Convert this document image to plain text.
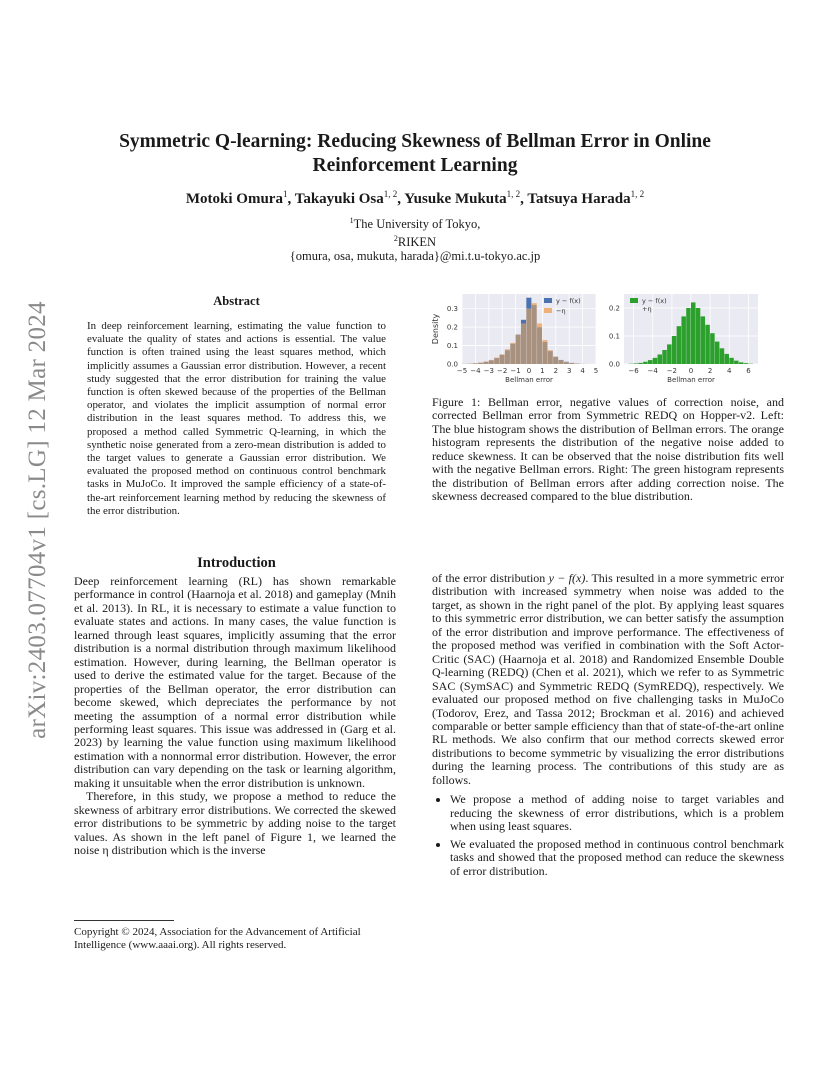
arXiv:2403.07704v1 [cs.LG] 12 Mar 2024
Symmetric Q-learning: Reducing Skewness of Bellman Error in Online Reinforcement Learning
Motoki Omura$^1$, Takayuki Osa$^{1, 2}$, Yusuke Mukuta$^{1, 2}$, Tatsuya Harada$^{1, 2}$
$^1$The University of Tokyo,
$^2$RIKEN
{omura, osa, mukuta, harada}@mi.t.u-tokyo.ac.jp
Abstract
In deep reinforcement learning, estimating the value function to evaluate the quality of states and actions is essential. The value function is often trained using the least squares method, which implicitly assumes a Gaussian error distribution. However, a recent study suggested that the error distribution for training the value function is often skewed because of the properties of the Bellman operator, and violates the implicit assumption of normal error distribution in the least squares method. To address this, we proposed a method called Symmetric Q-learning, in which the synthetic noise generated from a zero-mean distribution is added to the target values to generate a Gaussian error distribution. We evaluated the proposed method on continuous control benchmark tasks in MuJoCo. It improved the sample efficiency of a state-of-the-art reinforcement learning method by reducing the skewness of the error distribution.
Introduction

Deep reinforcement learning (RL) has shown remarkable performance in control (Haarnoja et al. 2018) and gameplay (Mnih et al. 2013). In RL, it is necessary to estimate a value function to evaluate states and actions. In many cases, the value function is learned through least squares, implicitly assuming that the error distribution is a normal distribution through maximum likelihood estimation. However, during learning, the Bellman operator is used to derive the estimated value for the target. Because of the properties of the Bellman operator, the error distribution can become skewed, which depreciates the performance by not meeting the assumption of a normal error distribution while performing least squares. This issue was addressed in (Garg et al. 2023) by learning the value function using maximum likelihood estimation with a nonnormal error distribution. However, the error distribution can vary depending on the task or learning algorithm, making it unsuitable when the error distribution is unknown.

Therefore, in this study, we propose a method to reduce the skewness of arbitrary error distributions. We corrected the skewed error distributions to be symmetric by adding noise to the target values. As shown in the left panel of Figure 1, we learned the noise η distribution which is the inverse

Copyright © 2024, Association for the Advancement of Artificial Intelligence (www.aaai.org). All rights reserved.
0.0
0.1
0.2
0.3
−5 −4 −3 −2 −1 0 1 2 3 4 5
y − f(x)
−η
Bellman error
Density
0.0
0.1
0.2
−6 −4 −2 0 2 4 6
y − f(x)
+η
Bellman error
Figure 1: Bellman error, negative values of correction noise, and corrected Bellman error from Symmetric REDQ on Hopper-v2. Left: The blue histogram shows the distribution of Bellman errors. The orange histogram represents the distribution of the negative noise added to reduce skewness. It can be observed that the noise distribution fits well with the negative Bellman errors. Right: The green histogram represents the distribution of Bellman errors after adding correction noise. The skewness decreased compared to the blue distribution.

of the error distribution y − f(x). This resulted in a more symmetric error distribution with increased symmetry when noise was added to the target, as shown in the right panel of the plot. By applying least squares to this symmetric error distribution, we can better satisfy the assumption of the error distribution and improve performance. The effectiveness of the proposed method was verified in combination with the Soft Actor-Critic (SAC) (Haarnoja et al. 2018) and Randomized Ensemble Double Q-learning (REDQ) (Chen et al. 2021), which we refer to as Symmetric SAC (SymSAC) and Symmetric REDQ (SymREDQ), respectively. We evaluated our proposed method on five challenging tasks in MuJoCo (Todorov, Erez, and Tassa 2012; Brockman et al. 2016) and achieved comparable or better sample efficiency than that of state-of-the-art online RL methods. We also confirm that our method corrects skewed error distributions to become symmetric by visualizing the error distributions during the learning process. The contributions of this study are as follows.

• We propose a method of adding noise to target variables and reducing the skewness of error distributions, which is a problem when using least squares.
• We evaluated the proposed method in continuous control benchmark tasks and showed that the proposed method can reduce the skewness of error distribution.
